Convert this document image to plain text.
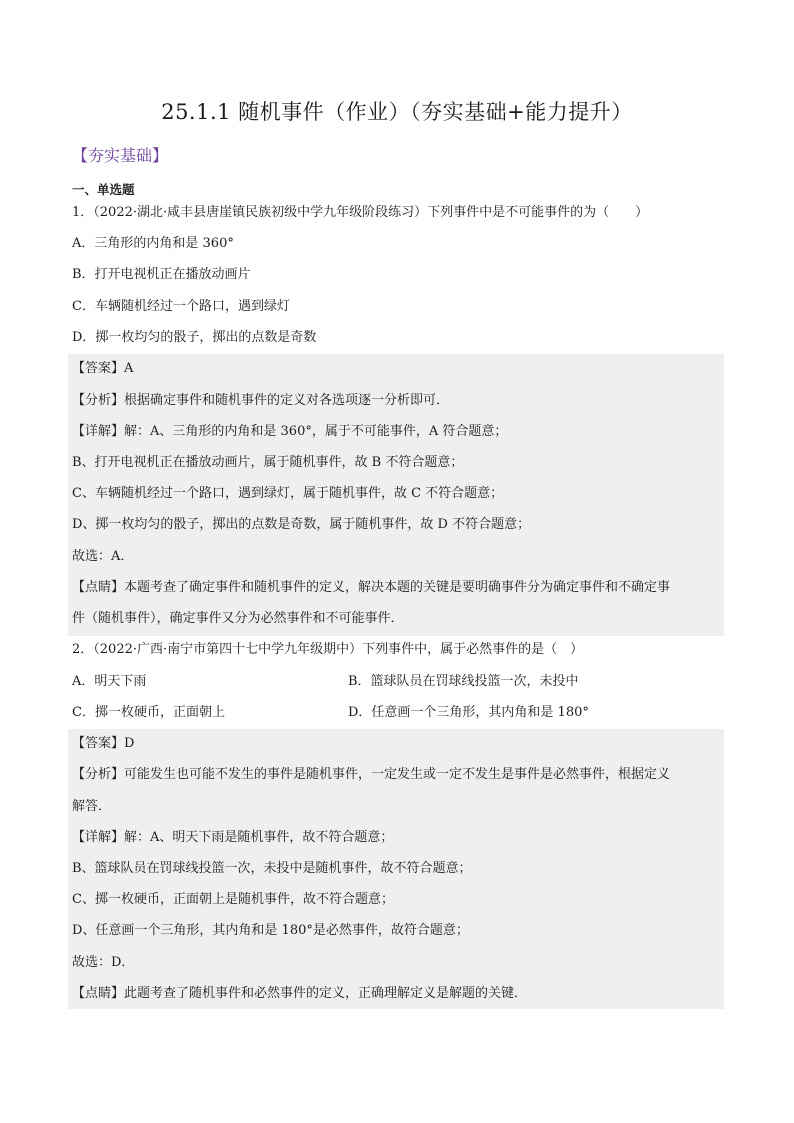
25.1.1 随机事件（作业）（夯实基础+能力提升）
【夯实基础】
一、单选题
1．（2022·湖北·咸丰县唐崖镇民族初级中学九年级阶段练习）下列事件中是不可能事件的为（　　）
A．三角形的内角和是 360°
B．打开电视机正在播放动画片
C．车辆随机经过一个路口，遇到绿灯
D．掷一枚均匀的骰子，掷出的点数是奇数
【答案】A
【分析】根据确定事件和随机事件的定义对各选项逐一分析即可．
【详解】解：A、三角形的内角和是 360°，属于不可能事件，A 符合题意；
B、打开电视机正在播放动画片，属于随机事件，故 B 不符合题意；
C、车辆随机经过一个路口，遇到绿灯，属于随机事件，故 C 不符合题意；
D、掷一枚均匀的骰子，掷出的点数是奇数，属于随机事件，故 D 不符合题意；
故选：A．
【点睛】本题考查了确定事件和随机事件的定义，解决本题的关键是要明确事件分为确定事件和不确定事
件（随机事件），确定事件又分为必然事件和不可能事件．
2．（2022·广西·南宁市第四十七中学九年级期中）下列事件中，属于必然事件的是（　）
A．明天下雨	B．篮球队员在罚球线投篮一次，未投中
C．掷一枚硬币，正面朝上	D．任意画一个三角形，其内角和是 180°
【答案】D
【分析】可能发生也可能不发生的事件是随机事件，一定发生或一定不发生是事件是必然事件，根据定义
解答．
【详解】解：A、明天下雨是随机事件，故不符合题意；
B、篮球队员在罚球线投篮一次，未投中是随机事件，故不符合题意；
C、掷一枚硬币，正面朝上是随机事件，故不符合题意；
D、任意画一个三角形，其内角和是 180°是必然事件，故符合题意；
故选：D．
【点睛】此题考查了随机事件和必然事件的定义，正确理解定义是解题的关键．
